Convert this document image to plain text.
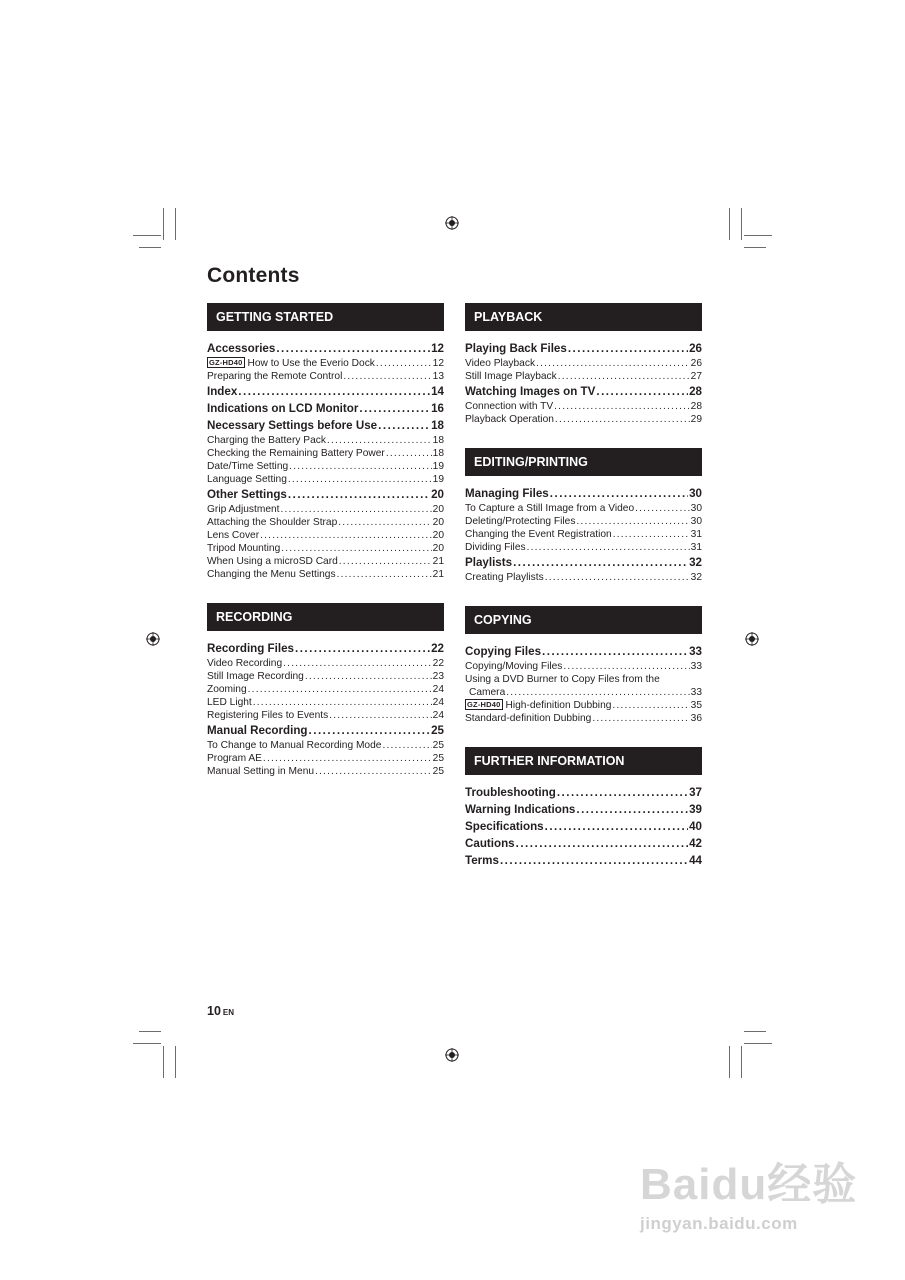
Contents
GETTING STARTED
Accessories .....	12
GZ-HD40 How to Use the Everio Dock .....	12
Preparing the Remote Control .....	13
Index .....	14
Indications on LCD Monitor .....	16
Necessary Settings before Use .....	18
Charging the Battery Pack .....	18
Checking the Remaining Battery Power .....	18
Date/Time Setting .....	19
Language Setting .....	19
Other Settings .....	20
Grip Adjustment .....	20
Attaching the Shoulder Strap .....	20
Lens Cover .....	20
Tripod Mounting .....	20
When Using a microSD Card .....	21
Changing the Menu Settings .....	21
RECORDING
Recording Files .....	22
Video Recording .....	22
Still Image Recording .....	23
Zooming .....	24
LED Light .....	24
Registering Files to Events .....	24
Manual Recording .....	25
To Change to Manual Recording Mode .....	25
Program AE .....	25
Manual Setting in Menu .....	25
PLAYBACK
Playing Back Files .....	26
Video Playback .....	26
Still Image Playback .....	27
Watching Images on TV .....	28
Connection with TV .....	28
Playback Operation .....	29
EDITING/PRINTING
Managing Files .....	30
To Capture a Still Image from a Video .....	30
Deleting/Protecting Files .....	30
Changing the Event Registration .....	31
Dividing Files .....	31
Playlists .....	32
Creating Playlists .....	32
COPYING
Copying Files .....	33
Copying/Moving Files .....	33
Using a DVD Burner to Copy Files from the
Camera .....	33
GZ-HD40 High-definition Dubbing .....	35
Standard-definition Dubbing .....	36
FURTHER INFORMATION
Troubleshooting .....	37
Warning Indications .....	39
Specifications .....	40
Cautions .....	42
Terms .....	44
10 EN
Baidu经验
jingyan.baidu.com
